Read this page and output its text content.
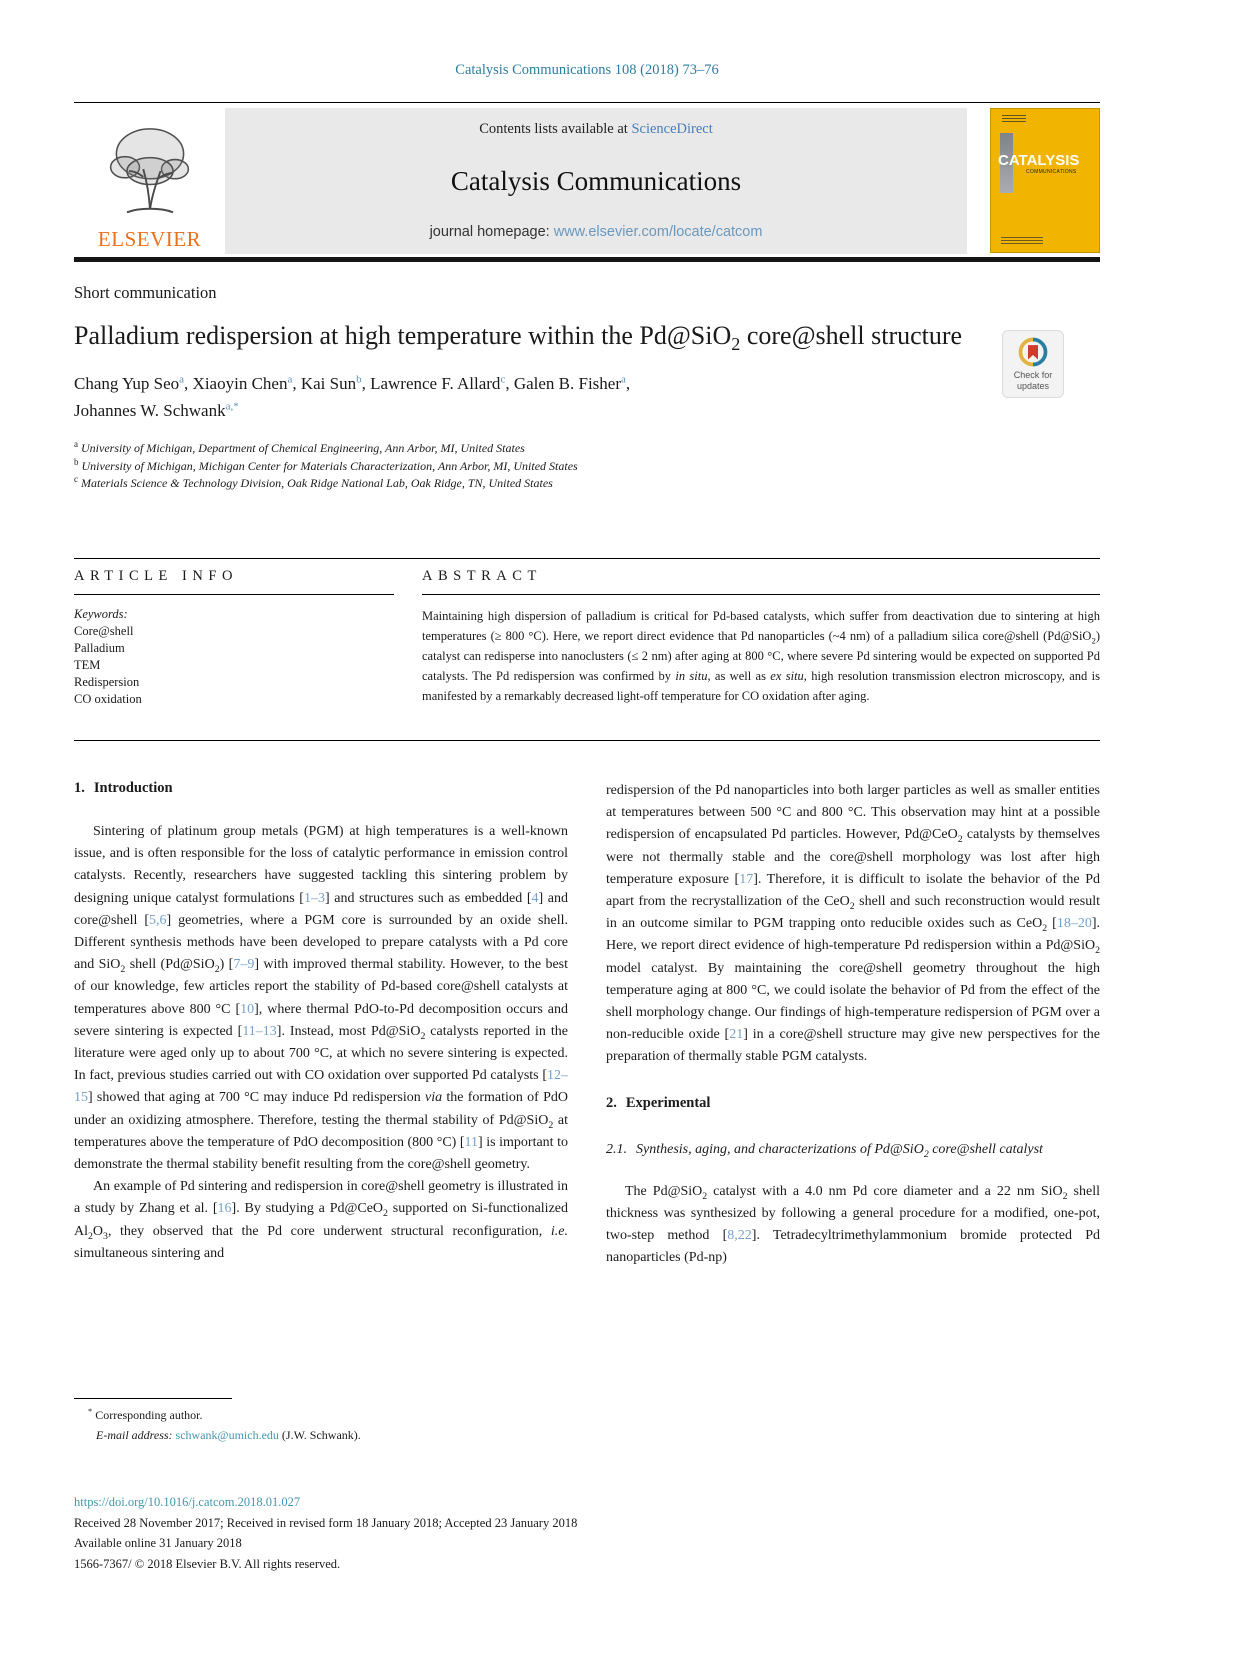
Catalysis Communications 108 (2018) 73–76
ELSEVIER
Contents lists available at ScienceDirect
Catalysis Communications
journal homepage: www.elsevier.com/locate/catcom
CATALYSIS
COMMUNICATIONS
Short communication
Palladium redispersion at high temperature within the Pd@SiO$_2$ core@shell structure
Check for
updates
Chang Yup Seo$^a$, Xiaoyin Chen$^a$, Kai Sun$^b$, Lawrence F. Allard$^c$, Galen B. Fisher$^a$,
Johannes W. Schwank$^{a,*}$
$^a$ University of Michigan, Department of Chemical Engineering, Ann Arbor, MI, United States
$^b$ University of Michigan, Michigan Center for Materials Characterization, Ann Arbor, MI, United States
$^c$ Materials Science & Technology Division, Oak Ridge National Lab, Oak Ridge, TN, United States
ARTICLE INFO
Keywords:
Core@shell
Palladium
TEM
Redispersion
CO oxidation
ABSTRACT

Maintaining high dispersion of palladium is critical for Pd-based catalysts, which suffer from deactivation due to sintering at high temperatures (≥ 800 °C). Here, we report direct evidence that Pd nanoparticles (~4 nm) of a palladium silica core@shell (Pd@SiO$_2$) catalyst can redisperse into nanoclusters (≤ 2 nm) after aging at 800 °C, where severe Pd sintering would be expected on supported Pd catalysts. The Pd redispersion was confirmed by in situ, as well as ex situ, high resolution transmission electron microscopy, and is manifested by a remarkably decreased light-off temperature for CO oxidation after aging.

1. Introduction

Sintering of platinum group metals (PGM) at high temperatures is a well-known issue, and is often responsible for the loss of catalytic performance in emission control catalysts. Recently, researchers have suggested tackling this sintering problem by designing unique catalyst formulations [1–3] and structures such as embedded [4] and core@shell [5,6] geometries, where a PGM core is surrounded by an oxide shell. Different synthesis methods have been developed to prepare catalysts with a Pd core and SiO$_2$ shell (Pd@SiO$_2$) [7–9] with improved thermal stability. However, to the best of our knowledge, few articles report the stability of Pd-based core@shell catalysts at temperatures above 800 °C [10], where thermal PdO-to-Pd decomposition occurs and severe sintering is expected [11–13]. Instead, most Pd@SiO$_2$ catalysts reported in the literature were aged only up to about 700 °C, at which no severe sintering is expected. In fact, previous studies carried out with CO oxidation over supported Pd catalysts [12–15] showed that aging at 700 °C may induce Pd redispersion via the formation of PdO under an oxidizing atmosphere. Therefore, testing the thermal stability of Pd@SiO$_2$ at temperatures above the temperature of PdO decomposition (800 °C) [11] is important to demonstrate the thermal stability benefit resulting from the core@shell geometry.

An example of Pd sintering and redispersion in core@shell geometry is illustrated in a study by Zhang et al. [16]. By studying a Pd@CeO$_2$ supported on Si-functionalized $Al_2O_3$, they observed that the Pd core underwent structural reconfiguration, i.e. simultaneous sintering and

redispersion of the Pd nanoparticles into both larger particles as well as smaller entities at temperatures between 500 °C and 800 °C. This observation may hint at a possible redispersion of encapsulated Pd particles. However, Pd@CeO$_2$ catalysts by themselves were not thermally stable and the core@shell morphology was lost after high temperature exposure [17]. Therefore, it is difficult to isolate the behavior of the Pd apart from the recrystallization of the CeO$_2$ shell and such reconstruction would result in an outcome similar to PGM trapping onto reducible oxides such as CeO$_2$ [18–20]. Here, we report direct evidence of high-temperature Pd redispersion within a Pd@SiO$_2$ model catalyst. By maintaining the core@shell geometry throughout the high temperature aging at 800 °C, we could isolate the behavior of Pd from the effect of the shell morphology change. Our findings of high-temperature redispersion of PGM over a non-reducible oxide [21] in a core@shell structure may give new perspectives for the preparation of thermally stable PGM catalysts.

2. Experimental
2.1. Synthesis, aging, and characterizations of Pd@SiO$_2$ core@shell catalyst

The Pd@SiO$_2$ catalyst with a 4.0 nm Pd core diameter and a 22 nm SiO$_2$ shell thickness was synthesized by following a general procedure for a modified, one-pot, two-step method [8,22]. Tetradecyltrimethylammonium bromide protected Pd nanoparticles (Pd-np)

* Corresponding author.
E-mail address: schwank@umich.edu (J.W. Schwank).
https://doi.org/10.1016/j.catcom.2018.01.027
Received 28 November 2017; Received in revised form 18 January 2018; Accepted 23 January 2018
Available online 31 January 2018
1566-7367/ © 2018 Elsevier B.V. All rights reserved.
